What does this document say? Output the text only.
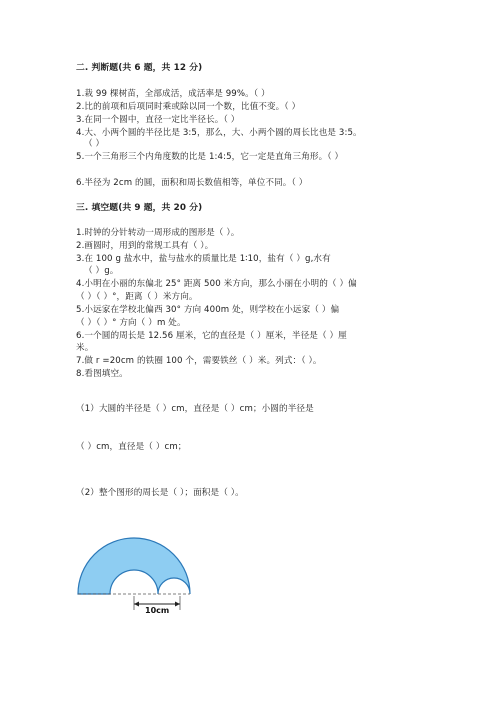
二. 判断题(共 6 题，共 12 分)
1.栽 99 棵树苗，全部成活，成活率是 99%。（ ）
2.比的前项和后项同时乘或除以同一个数，比值不变。（ ）
3.在同一个圆中，直径一定比半径长。（ ）
4.大、小两个圆的半径比是 3:5，那么，大、小两个圆的周长比也是 3:5。
（ ）
5.一个三角形三个内角度数的比是 1:4:5，它一定是直角三角形。（ ）
6.半径为 2cm 的圆，面积和周长数值相等，单位不同。（ ）
三. 填空题(共 9 题，共 20 分)
1.时钟的分针转动一周形成的图形是（ ）。
2.画圆时，用到的常规工具有（ ）。
3.在 100 g 盐水中，盐与盐水的质量比是 1∶10，盐有（ ）g,水有
（ ）g。
4.小明在小丽的东偏北 25° 距离 500 米方向，那么小丽在小明的（ ）偏
（ ）（ ）°，距离（ ）米方向。
5.小远家在学校北偏西 30° 方向 400m 处，则学校在小远家（ ）偏
（ ）（ ）° 方向（ ）m 处。
6.一个圆的周长是 12.56 厘米，它的直径是（ ）厘米，半径是（ ）厘
米。
7.做 r =20cm 的铁圈 100 个，需要铁丝（ ）米。列式：（ ）。
8.看图填空。
（1）大圆的半径是（ ）cm，直径是（ ）cm；小圆的半径是
（ ）cm，直径是（ ）cm；
（2）整个图形的周长是（ ）；面积是（ ）。
10cm
